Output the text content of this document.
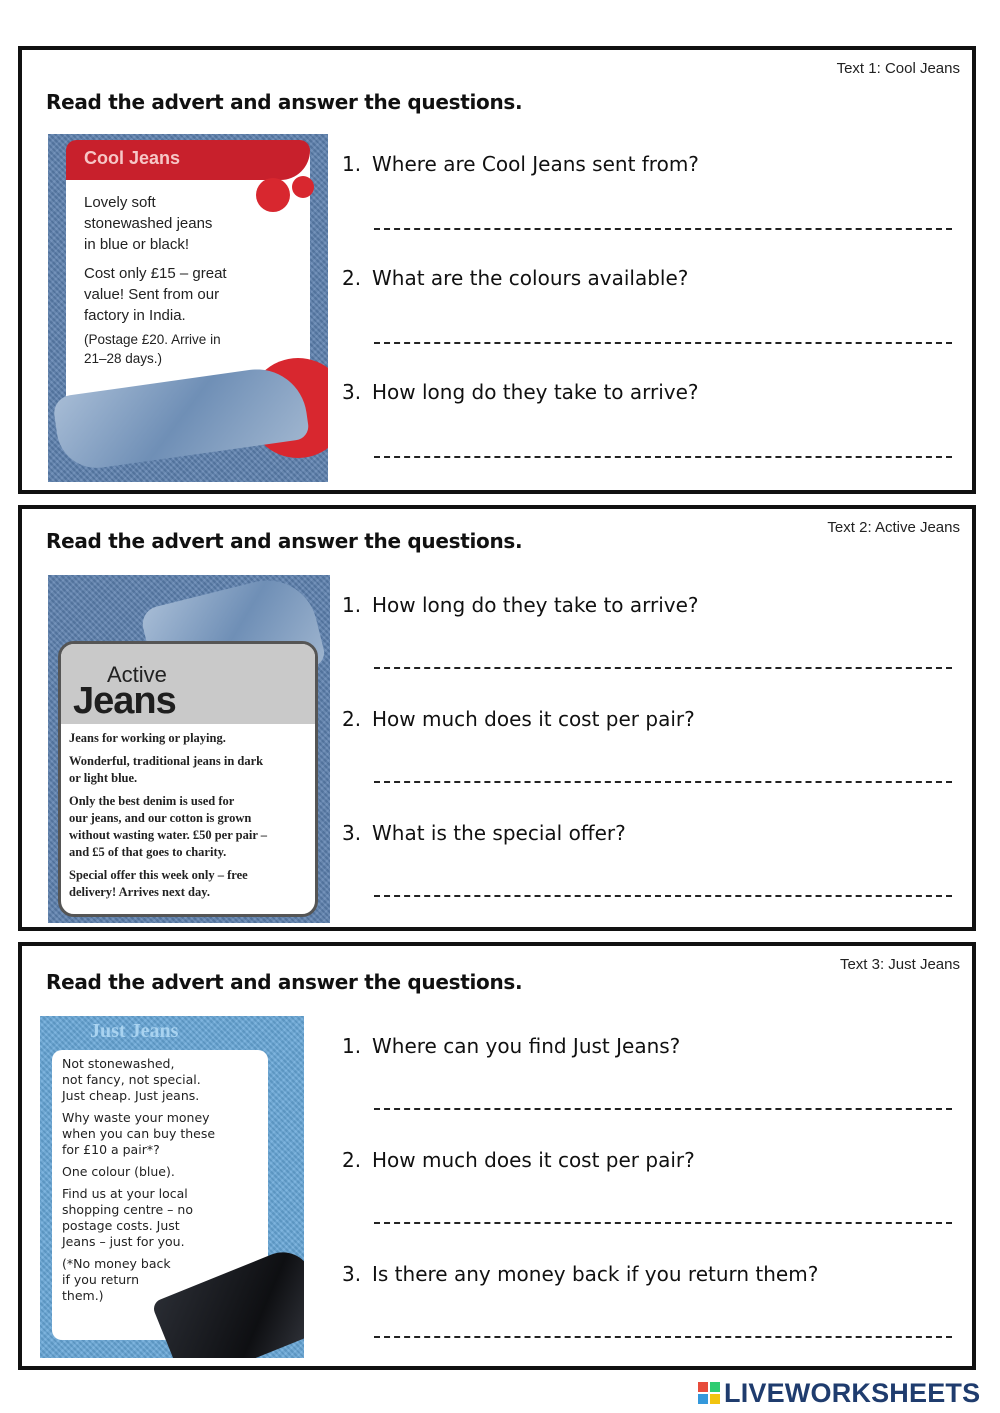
Text 1: Cool Jeans
Read the advert and answer the questions.
Cool Jeans
Lovely soft
stonewashed jeans
in blue or black!
Cost only £15 – great
value! Sent from our
factory in India.
(Postage £20. Arrive in
21–28 days.)
1. Where are Cool Jeans sent from?
2. What are the colours available?
3. How long do they take to arrive?
Text 2: Active Jeans
Read the advert and answer the questions.
Active
Jeans
Jeans for working or playing.
Wonderful, traditional jeans in dark
or light blue.
Only the best denim is used for
our jeans, and our cotton is grown
without wasting water. £50 per pair –
and £5 of that goes to charity.
Special offer this week only – free
delivery! Arrives next day.
1. How long do they take to arrive?
2. How much does it cost per pair?
3. What is the special offer?
Text 3: Just Jeans
Read the advert and answer the questions.
Just Jeans
Not stonewashed,
not fancy, not special.
Just cheap. Just jeans.
Why waste your money
when you can buy these
for £10 a pair*?
One colour (blue).
Find us at your local
shopping centre – no
postage costs. Just
Jeans – just for you.
(*No money back
if you return
them.)
1. Where can you find Just Jeans?
2. How much does it cost per pair?
3. Is there any money back if you return them?
LIVEWORKSHEETS
